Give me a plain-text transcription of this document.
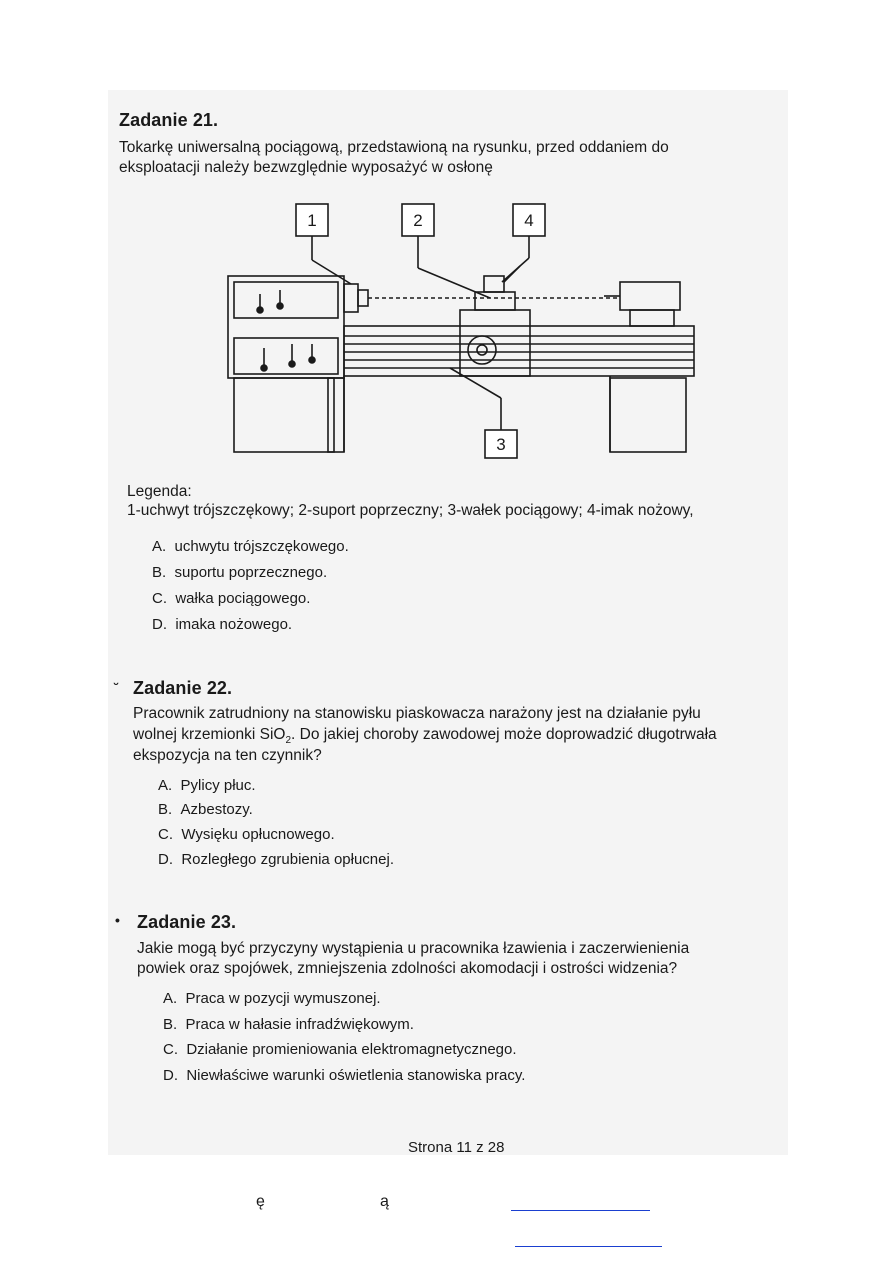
Zadanie 21.
Tokarkę uniwersalną pociągową, przedstawioną na rysunku, przed oddaniem do
eksploatacji należy bezwzględnie wyposażyć w osłonę
1	2	4
3
Legenda:
1-uchwyt trójszczękowy; 2-suport poprzeczny; 3-wałek pociągowy; 4-imak nożowy,
A. uchwytu trójszczękowego.
B. suportu poprzecznego.
C. wałka pociągowego.
D. imaka nożowego.
˘ Zadanie 22.
Pracownik zatrudniony na stanowisku piaskowacza narażony jest na działanie pyłu
wolnej krzemionki SiO$_2$. Do jakiej choroby zawodowej może doprowadzić długotrwała
ekspozycja na ten czynnik?
A. Pylicy płuc.
B. Azbestozy.
C. Wysięku opłucnowego.
D. Rozległego zgrubienia opłucnej.
• Zadanie 23.
Jakie mogą być przyczyny wystąpienia u pracownika łzawienia i zaczerwienienia
powiek oraz spojówek, zmniejszenia zdolności akomodacji i ostrości widzenia?
A. Praca w pozycji wymuszonej.
B. Praca w hałasie infradźwiękowym.
C. Działanie promieniowania elektromagnetycznego.
D. Niewłaściwe warunki oświetlenia stanowiska pracy.
Strona 11 z 28
ę	ą
